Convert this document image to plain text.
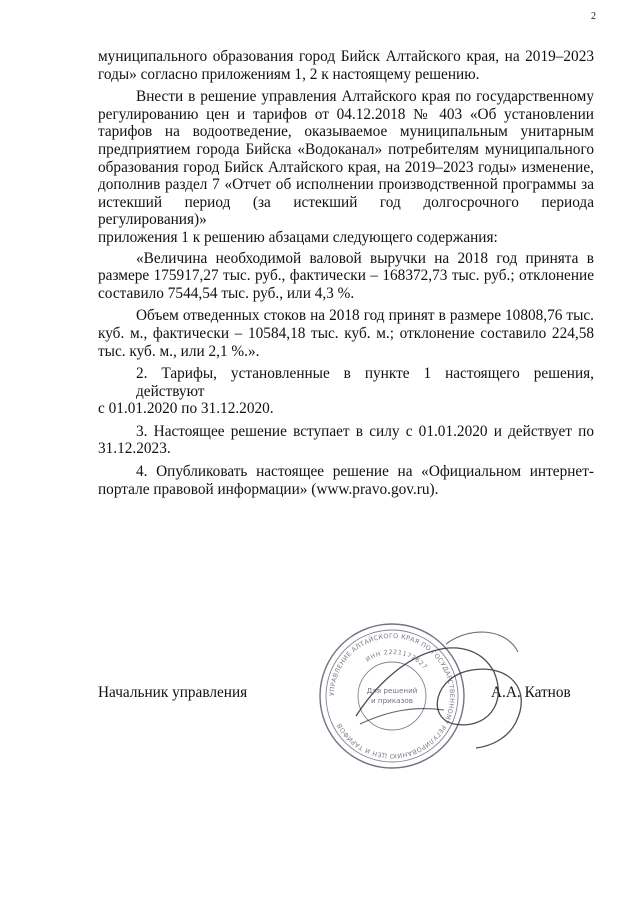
2
муниципального образования город Бийск Алтайского края, на 2019–2023
годы» согласно приложениям 1, 2 к настоящему решению.
Внести в решение управления Алтайского края по государственному
регулированию цен и тарифов от 04.12.2018 № 403 «Об установлении
тарифов на водоотведение, оказываемое муниципальным унитарным
предприятием города Бийска «Водоканал» потребителям муниципального
образования город Бийск Алтайского края, на 2019–2023 годы» изменение,
дополнив раздел 7 «Отчет об исполнении производственной программы за
истекший период (за истекший год долгосрочного периода регулирования)»
приложения 1 к решению абзацами следующего содержания:
«Величина необходимой валовой выручки на 2018 год принята в
размере 175917,27 тыс. руб., фактически – 168372,73 тыс. руб.; отклонение
составило 7544,54 тыс. руб., или 4,3 %.
Объем отведенных стоков на 2018 год принят в размере 10808,76 тыс.
куб. м., фактически – 10584,18 тыс. куб. м.; отклонение составило 224,58
тыс. куб. м., или 2,1 %.».
2. Тарифы, установленные в пункте 1 настоящего решения, действуют
с 01.01.2020 по 31.12.2020.
3. Настоящее решение вступает в силу с 01.01.2020 и действует по
31.12.2023.
4. Опубликовать настоящее решение на «Официальном интернет-
портале правовой информации» (www.pravo.gov.ru).
Начальник управления	А.А. Катнов
УПРАВЛЕНИЕ АЛТАЙСКОГО КРАЯ ПО ГОСУДАРСТВЕННОМУ РЕГУЛИРОВАНИЮ ЦЕН И ТАРИФОВ
ИНН 2221177627
Для решений
и приказов
